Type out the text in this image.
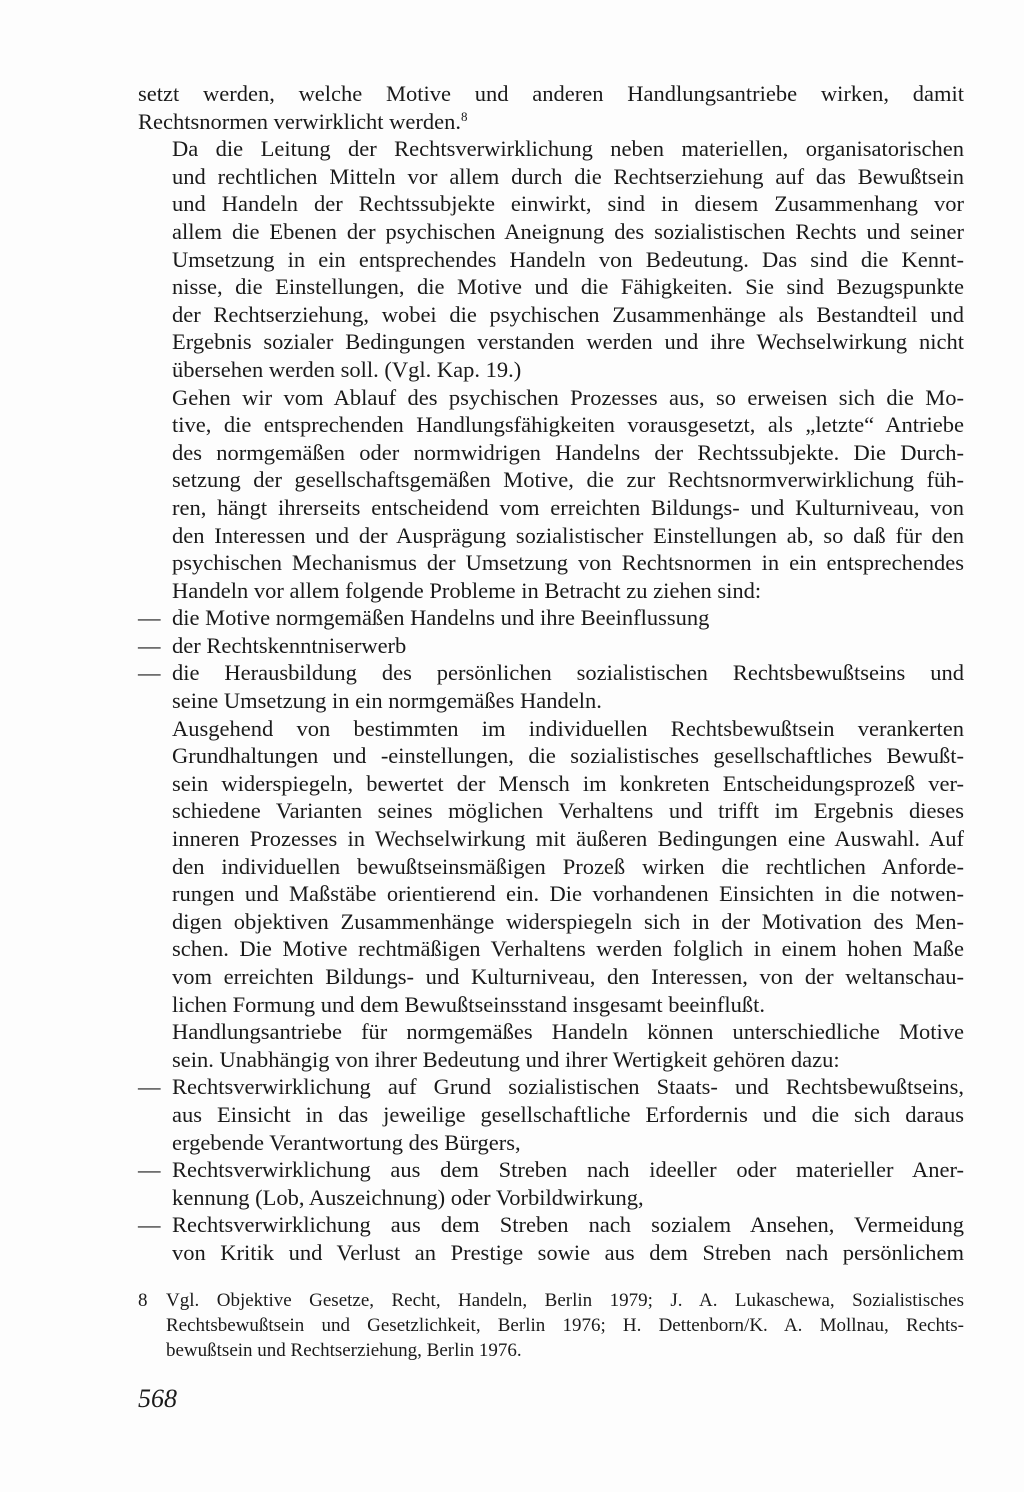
setzt werden, welche Motive und anderen Handlungsantriebe wirken, damit
Rechtsnormen verwirklicht werden.$^8$

Da die Leitung der Rechtsverwirklichung neben materiellen, organisatorischen
und rechtlichen Mitteln vor allem durch die Rechtserziehung auf das Bewußtsein
und Handeln der Rechtssubjekte einwirkt, sind in diesem Zusammenhang vor
allem die Ebenen der psychischen Aneignung des sozialistischen Rechts und seiner
Umsetzung in ein entsprechendes Handeln von Bedeutung. Das sind die Kennt-
nisse, die Einstellungen, die Motive und die Fähigkeiten. Sie sind Bezugspunkte
der Rechtserziehung, wobei die psychischen Zusammenhänge als Bestandteil und
Ergebnis sozialer Bedingungen verstanden werden und ihre Wechselwirkung nicht
übersehen werden soll. (Vgl. Kap. 19.)

Gehen wir vom Ablauf des psychischen Prozesses aus, so erweisen sich die Mo-
tive, die entsprechenden Handlungsfähigkeiten vorausgesetzt, als „letzte“ Antriebe
des normgemäßen oder normwidrigen Handelns der Rechtssubjekte. Die Durch-
setzung der gesellschaftsgemäßen Motive, die zur Rechtsnormverwirklichung füh-
ren, hängt ihrerseits entscheidend vom erreichten Bildungs- und Kulturniveau, von
den Interessen und der Ausprägung sozialistischer Einstellungen ab, so daß für den
psychischen Mechanismus der Umsetzung von Rechtsnormen in ein entsprechendes
Handeln vor allem folgende Probleme in Betracht zu ziehen sind:

— die Motive normgemäßen Handelns und ihre Beeinflussung
— der Rechtskenntniserwerb
— die Herausbildung des persönlichen sozialistischen Rechtsbewußtseins und
seine Umsetzung in ein normgemäßes Handeln.

Ausgehend von bestimmten im individuellen Rechtsbewußtsein verankerten
Grundhaltungen und -einstellungen, die sozialistisches gesellschaftliches Bewußt-
sein widerspiegeln, bewertet der Mensch im konkreten Entscheidungsprozeß ver-
schiedene Varianten seines möglichen Verhaltens und trifft im Ergebnis dieses
inneren Prozesses in Wechselwirkung mit äußeren Bedingungen eine Auswahl. Auf
den individuellen bewußtseinsmäßigen Prozeß wirken die rechtlichen Anforde-
rungen und Maßstäbe orientierend ein. Die vorhandenen Einsichten in die notwen-
digen objektiven Zusammenhänge widerspiegeln sich in der Motivation des Men-
schen. Die Motive rechtmäßigen Verhaltens werden folglich in einem hohen Maße
vom erreichten Bildungs- und Kulturniveau, den Interessen, von der weltanschau-
lichen Formung und dem Bewußtseinsstand insgesamt beeinflußt.

Handlungsantriebe für normgemäßes Handeln können unterschiedliche Motive
sein. Unabhängig von ihrer Bedeutung und ihrer Wertigkeit gehören dazu:

— Rechtsverwirklichung auf Grund sozialistischen Staats- und Rechtsbewußtseins,
aus Einsicht in das jeweilige gesellschaftliche Erfordernis und die sich daraus
ergebende Verantwortung des Bürgers,
— Rechtsverwirklichung aus dem Streben nach ideeller oder materieller Aner-
kennung (Lob, Auszeichnung) oder Vorbildwirkung,
— Rechtsverwirklichung aus dem Streben nach sozialem Ansehen, Vermeidung
von Kritik und Verlust an Prestige sowie aus dem Streben nach persönlichem
8 Vgl. Objektive Gesetze, Recht, Handeln, Berlin 1979; J. A. Lukaschewa, Sozialistisches
Rechtsbewußtsein und Gesetzlichkeit, Berlin 1976; H. Dettenborn/K. A. Mollnau, Rechts-
bewußtsein und Rechtserziehung, Berlin 1976.
568
